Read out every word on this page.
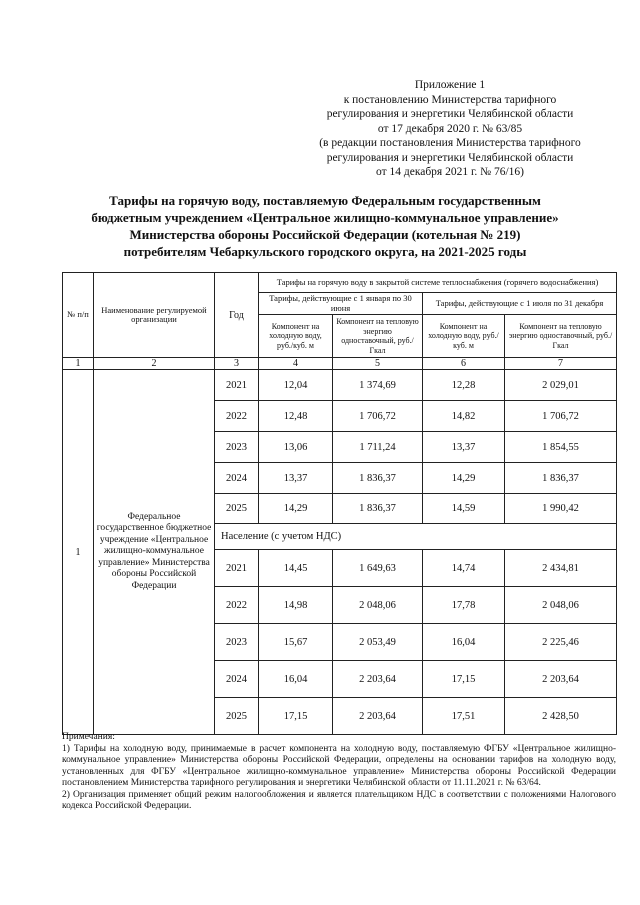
Приложение 1
к постановлению Министерства тарифного
регулирования и энергетики Челябинской области
от 17 декабря 2020 г. № 63/85
(в редакции постановления Министерства тарифного
регулирования и энергетики Челябинской области
от 14 декабря 2021 г. № 76/16)
Тарифы на горячую воду, поставляемую Федеральным государственным
бюджетным учреждением «Центральное жилищно-коммунальное управление»
Министерства обороны Российской Федерации (котельная № 219)
потребителям Чебаркульского городского округа, на 2021-2025 годы
№ п/п	Наименование регулируемой организации	Год	Тарифы на горячую воду в закрытой системе теплоснабжения (горячего водоснабжения)			
			Тарифы, действующие с 1 января по 30 июня		Тарифы, действующие с 1 июля по 31 декабря	
			Компонент на холодную воду, руб./куб. м	Компонент на тепловую энергию одноставочный, руб./Гкал	Компонент на холодную воду, руб./куб. м	Компонент на тепловую энергию одноставочный, руб./Гкал
1	2	3	4	5	6	7
1	Федеральное государственное бюджетное учреждение «Центральное жилищно-коммунальное управление» Министерства обороны Российской Федерации	2021	12,04	1 374,69	12,28	2 029,01
		2022	12,48	1 706,72	14,82	1 706,72
		2023	13,06	1 711,24	13,37	1 854,55
		2024	13,37	1 836,37	14,29	1 836,37
		2025	14,29	1 836,37	14,59	1 990,42
		Население (с учетом НДС)				
		2021	14,45	1 649,63	14,74	2 434,81
		2022	14,98	2 048,06	17,78	2 048,06
		2023	15,67	2 053,49	16,04	2 225,46
		2024	16,04	2 203,64	17,15	2 203,64
		2025	17,15	2 203,64	17,51	2 428,50

Примечания:

1) Тарифы на холодную воду, принимаемые в расчет компонента на холодную воду, поставляемую ФГБУ «Центральное жилищно-коммунальное управление» Министерства обороны Российской Федерации, определены на основании тарифов на холодную воду, установленных для ФГБУ «Центральное жилищно-коммунальное управление» Министерства обороны Российской Федерации постановлением Министерства тарифного регулирования и энергетики Челябинской области от 11.11.2021 г. № 63/64.

2) Организация применяет общий режим налогообложения и является плательщиком НДС в соответствии с положениями Налогового кодекса Российской Федерации.
